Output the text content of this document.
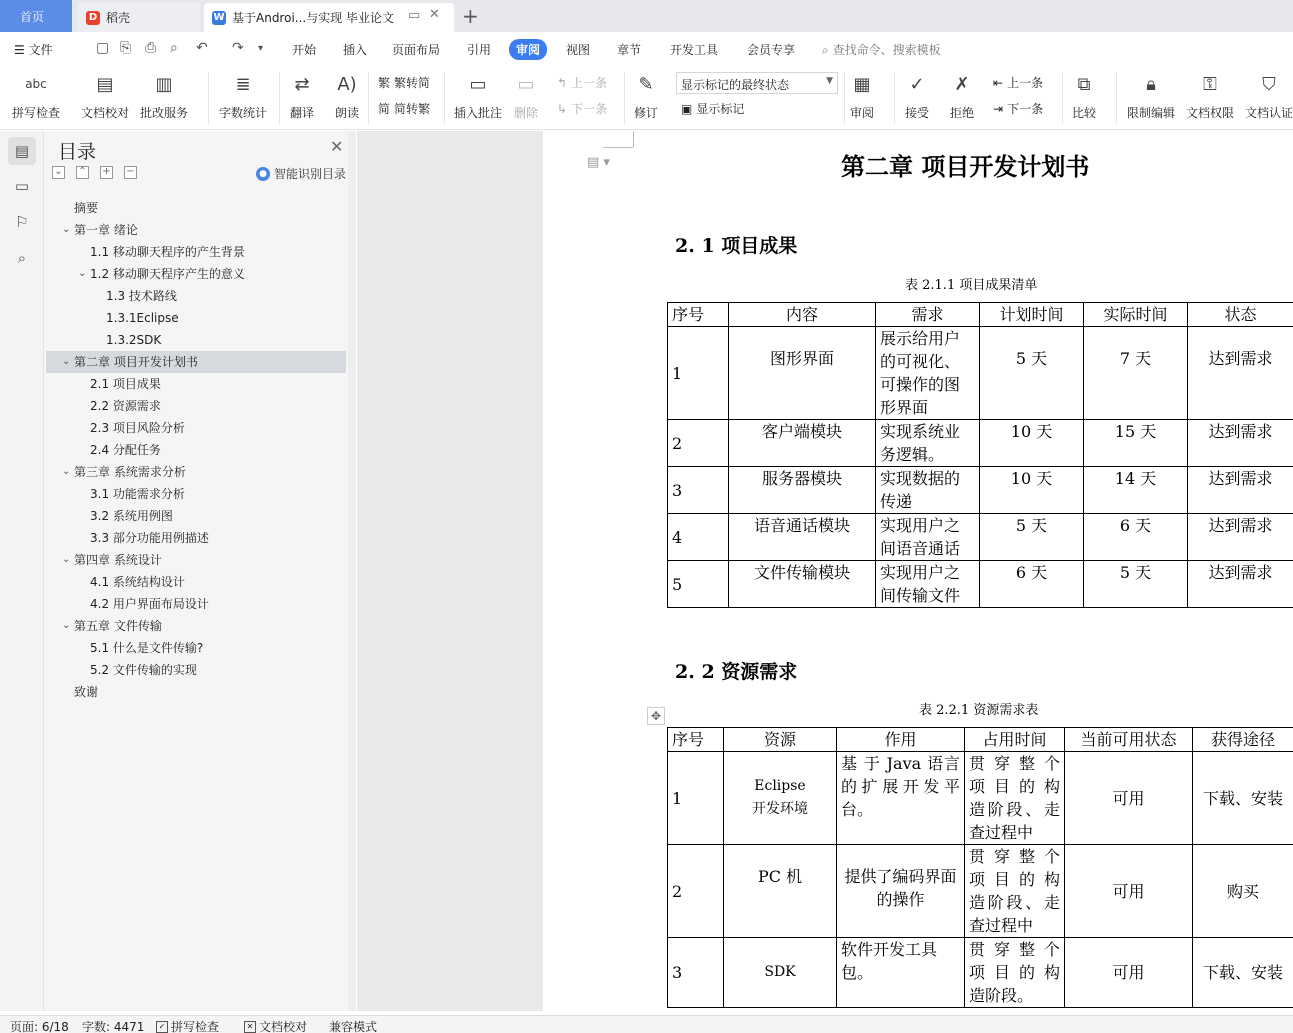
首页	D 稻壳	W 基于Androi...与实现 毕业论文 ▭ ✕ +
☰ 文件	▢ ⎘ ⎙ ⌕ ↶ ↷ ▾ 开始 插入 页面布局 引用	审阅	视图 章节 开发工具 会员专享 ⌕ 查找命令、搜索模板
abc
拼写检查
▤
文档校对
▥
批改服务
≣
字数统计
⇄
翻译
A)
朗读
繁 繁转简
简 简转繁
▭
插入批注
▭
删除
↰ 上一条
↳ 下一条
✎
修订 ▣ 显示标记
▦
审阅
✓
接受
✗
拒绝
⇤ 上一条
⇥ 下一条
⧉
比较
🔒︎
限制编辑
⚿
文档权限
⛉
文档认证
显示标记的最终状态	▼
▤
▭
⚐
⌕
目录	✕
⌄ ⌃ + −	● 智能识别目录
摘要
⌄ 第一章 绪论
1.1 移动聊天程序的产生背景
⌄ 1.2 移动聊天程序产生的意义
1.3 技术路线
1.3.1Eclipse
1.3.2SDK
⌄ 第二章 项目开发计划书
2.1 项目成果
2.2 资源需求
2.3 项目风险分析
2.4 分配任务
⌄ 第三章 系统需求分析
3.1 功能需求分析
3.2 系统用例图
3.3 部分功能用例描述
⌄ 第四章 系统设计
4.1 系统结构设计
4.2 用户界面布局设计
⌄ 第五章 文件传输
5.1 什么是文件传输?
5.2 文件传输的实现
致谢
▤ ▾	第二章 项目开发计划书
2. 1 项目成果
表 2.1.1 项目成果清单
序号	内容	需求	计划时间	实际时间	状态
1	图形界面	展示给用户的可视化、可操作的图形界面	5 天	7 天	达到需求
2	客户端模块	实现系统业务逻辑。	10 天	15 天	达到需求
3	服务器模块	实现数据的传递	10 天	14 天	达到需求
4	语音通话模块	实现用户之间语音通话	5 天	6 天	达到需求
5	文件传输模块	实现用户之间传输文件	6 天	5 天	达到需求
2. 2 资源需求
表 2.2.1 资源需求表
✥
序号	资源	作用	占用时间	当前可用状态	获得途径
1	Eclipse
开发环境	基 于 Java 语言的扩展开发平台。	贯 穿 整 个 项 目 的 构 造阶段、走查过程中	可用	下载、安装
2	PC 机	提供了编码界面的操作	贯 穿 整 个 项 目 的 构 造阶段、走查过程中	可用	购买
3	SDK	软件开发工具包。	贯 穿 整 个 项 目 的 构 造阶段。	可用	下载、安装
页面: 6/18 字数: 4471	✓ 拼写检查	✕ 文档校对 兼容模式
